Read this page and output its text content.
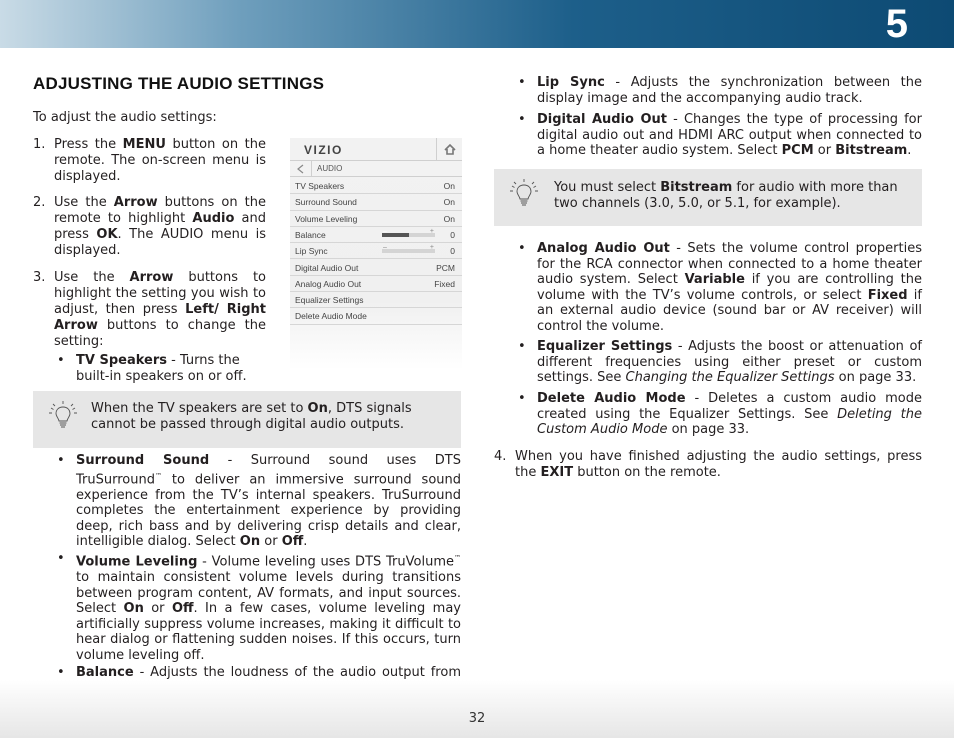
5
ADJUSTING THE AUDIO SETTINGS
To adjust the audio settings:
1. Press the MENU button on the remote. The on-screen menu is displayed.
2. Use the Arrow buttons on the remote to highlight Audio and press OK. The AUDIO menu is displayed.
3. Use the Arrow buttons to highlight the setting you wish to adjust, then press Left/ Right Arrow buttons to change the setting:
• TV Speakers - Turns the built-in speakers on or off.
VIZIO
AUDIO
TV Speakers	On
Surround Sound	On
Volume Leveling	On
Balance	–	+ 0
Lip Sync	–	+ 0
Digital Audio Out	PCM
Analog Audio Out	Fixed
Equalizer Settings
Delete Audio Mode
When the TV speakers are set to On, DTS signals cannot be passed through digital audio outputs.
• Surround Sound - Surround sound uses DTS TruSurround™ to deliver an immersive surround sound experience from the TV’s internal speakers. TruSurround completes the entertainment experience by providing deep, rich bass and by delivering crisp details and clear, intelligible dialog. Select On or Off.
• Volume Leveling - Volume leveling uses DTS TruVolume™ to maintain consistent volume levels during transitions between program content, AV formats, and input sources. Select On or Off. In a few cases, volume leveling may artificially suppress volume increases, making it difficult to hear dialog or flattening sudden noises. If this occurs, turn volume leveling off.
• Balance - Adjusts the loudness of the audio output from
• Lip Sync - Adjusts the synchronization between the display image and the accompanying audio track.
• Digital Audio Out - Changes the type of processing for digital audio out and HDMI ARC output when connected to a home theater audio system. Select PCM or Bitstream.
You must select Bitstream for audio with more than two channels (3.0, 5.0, or 5.1, for example).
• Analog Audio Out - Sets the volume control properties for the RCA connector when connected to a home theater audio system. Select Variable if you are controlling the volume with the TV’s volume controls, or select Fixed if an external audio device (sound bar or AV receiver) will control the volume.
• Equalizer Settings - Adjusts the boost or attenuation of different frequencies using either preset or custom settings. See Changing the Equalizer Settings on page 33.
• Delete Audio Mode - Deletes a custom audio mode created using the Equalizer Settings. See Deleting the Custom Audio Mode on page 33.
4. When you have finished adjusting the audio settings, press the EXIT button on the remote.
32
